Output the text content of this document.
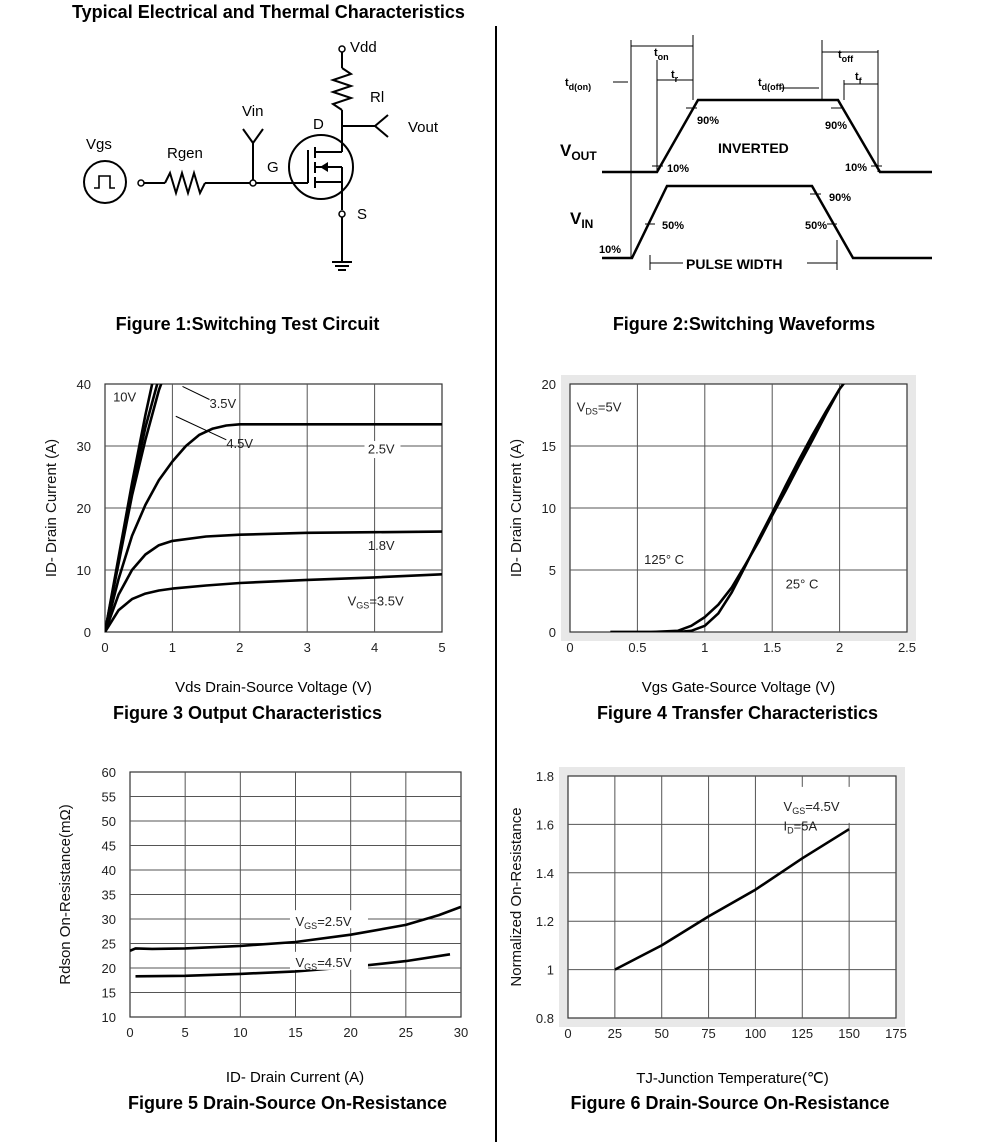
Typical Electrical and Thermal Characteristics
Vdd
Rl
Vin
Vout
D
G
S
Vgs
Rgen
Figure 1:Switching Test Circuit
$t_{on}$
$t_r$
$t_{off}$
$t_f$
$t_{d(on)}$	$t_{d(off)}$
$V_{OUT}$
$V_{IN}$
INVERTED
PULSE WIDTH
90%	90%
10%	10%
90%
50%	50%
10%
Figure 2:Switching Waveforms
0	1	2	3	4	5
0
10
20
30
40
ID- Drain Current (A)
10V	3.5V
4.5V	2.5V
1.8V
$V_{GS}=3.5V$
Vds Drain-Source Voltage (V)
Figure 3 Output Characteristics
0	0.5	1	1.5	2	2.5
0
5
10
15
20
ID- Drain Current (A)
$V_{DS}=5V$
125° C
25° C
Vgs Gate-Source Voltage (V)
Figure 4 Transfer Characteristics
0	5	10	15	20	25	30
10
15
20
25
30
35
40
45
50
55
60
Rdson On-Resistance(mΩ)	$V_{GS}=2.5V$
$V_{GS}=4.5V$
ID- Drain Current (A)
Figure 5 Drain-Source On-Resistance
0	25 50 75 100 125 150 175
0.8
1
1.2
1.4
1.6
1.8
Normalized On-Resistance
$V_{GS}=4.5V$
$I_D=5A$
TJ-Junction Temperature(℃)
Figure 6 Drain-Source On-Resistance
